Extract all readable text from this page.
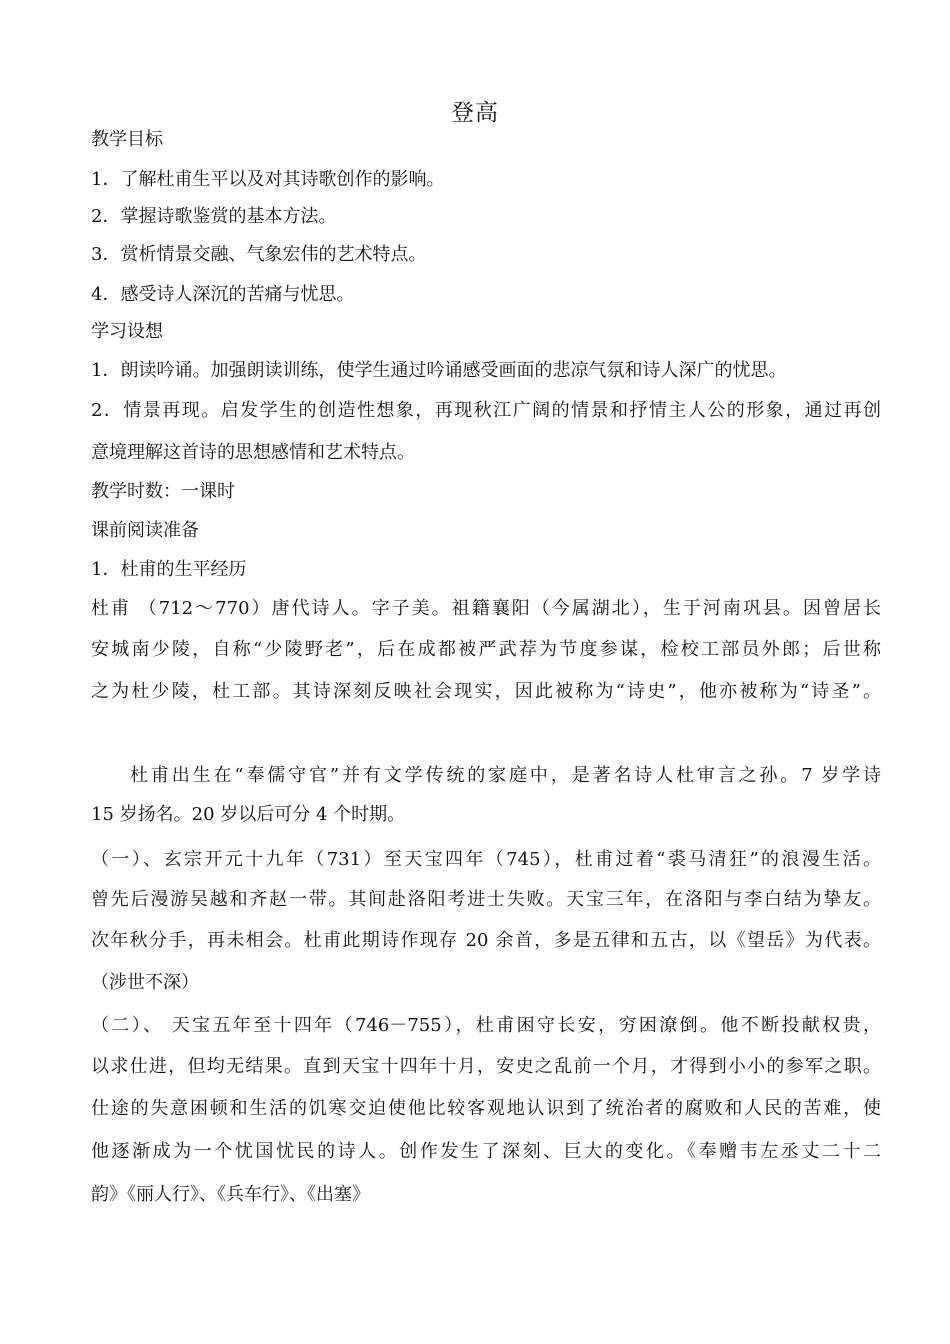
登高
教学目标
1．了解杜甫生平以及对其诗歌创作的影响。
2．掌握诗歌鉴赏的基本方法。
3．赏析情景交融、气象宏伟的艺术特点。
4．感受诗人深沉的苦痛与忧思。
学习设想
1．朗读吟诵。加强朗读训练，使学生通过吟诵感受画面的悲凉气氛和诗人深广的忧思。
2．情景再现。启发学生的创造性想象，再现秋江广阔的情景和抒情主人公的形象，通过再创
意境理解这首诗的思想感情和艺术特点。
教学时数：一课时
课前阅读准备
1．杜甫的生平经历
杜甫 （712～770）唐代诗人。字子美。祖籍襄阳（今属湖北），生于河南巩县。因曾居长
安城南少陵，自称“少陵野老”，后在成都被严武荐为节度参谋，检校工部员外郎；后世称
之为杜少陵，杜工部。其诗深刻反映社会现实，因此被称为“诗史”，他亦被称为“诗圣”。
杜甫出生在“奉儒守官”并有文学传统的家庭中，是著名诗人杜审言之孙。7 岁学诗
15 岁扬名。20 岁以后可分 4 个时期。
（一）、玄宗开元十九年（731）至天宝四年（745），杜甫过着“裘马清狂”的浪漫生活。
曾先后漫游吴越和齐赵一带。其间赴洛阳考进士失败。天宝三年，在洛阳与李白结为挚友。
次年秋分手，再未相会。杜甫此期诗作现存 20 余首，多是五律和五古，以《望岳》为代表。
（涉世不深）
（二）、 天宝五年至十四年（746－755），杜甫困守长安，穷困潦倒。他不断投献权贵，
以求仕进，但均无结果。直到天宝十四年十月，安史之乱前一个月，才得到小小的参军之职。
仕途的失意困顿和生活的饥寒交迫使他比较客观地认识到了统治者的腐败和人民的苦难，使
他逐渐成为一个忧国忧民的诗人。创作发生了深刻、巨大的变化。《奉赠韦左丞丈二十二
韵》《丽人行》、《兵车行》、《出塞》
